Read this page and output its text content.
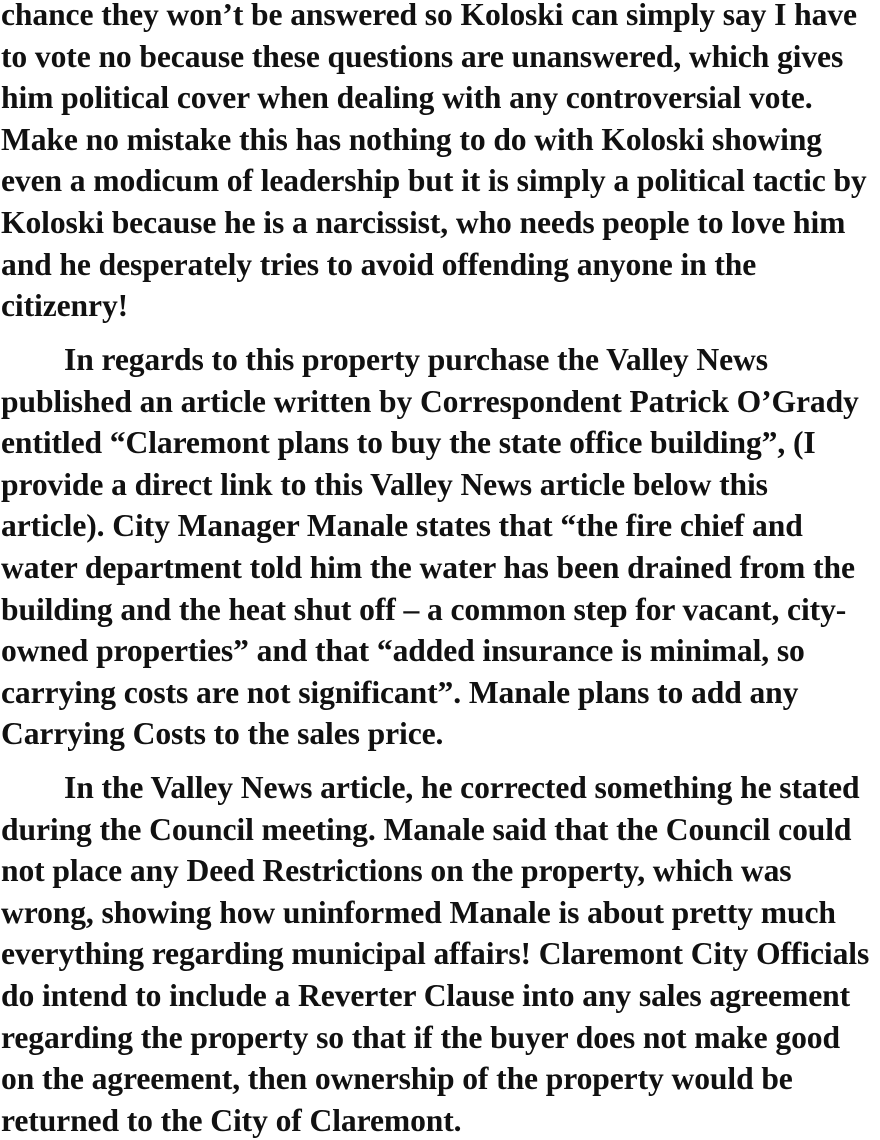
chance they won’t be answered so Koloski can simply say I have
to vote no because these questions are unanswered, which gives
him political cover when dealing with any controversial vote.
Make no mistake this has nothing to do with Koloski showing
even a modicum of leadership but it is simply a political tactic by
Koloski because he is a narcissist, who needs people to love him
and he desperately tries to avoid offending anyone in the
citizenry!
In regards to this property purchase the Valley News
published an article written by Correspondent Patrick O’Grady
entitled “Claremont plans to buy the state office building”, (I
provide a direct link to this Valley News article below this
article). City Manager Manale states that “the fire chief and
water department told him the water has been drained from the
building and the heat shut off – a common step for vacant, city-
owned properties” and that “added insurance is minimal, so
carrying costs are not significant”. Manale plans to add any
Carrying Costs to the sales price.
In the Valley News article, he corrected something he stated
during the Council meeting. Manale said that the Council could
not place any Deed Restrictions on the property, which was
wrong, showing how uninformed Manale is about pretty much
everything regarding municipal affairs! Claremont City Officials
do intend to include a Reverter Clause into any sales agreement
regarding the property so that if the buyer does not make good
on the agreement, then ownership of the property would be
returned to the City of Claremont.
